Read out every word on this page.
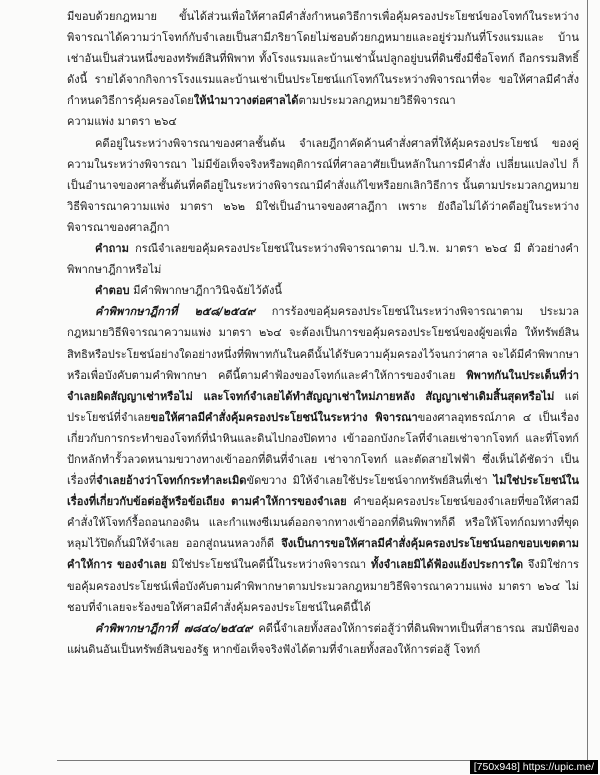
มีขอบด้วยกฎหมาย ขั้นได้ส่วนเพื่อให้ศาลมีคำสั่งกำหนดวิธีการเพื่อคุ้มครองประโยชน์ของโจทก์ในระหว่าง พิจารณาได้ความว่าโจทก์กับจำเลยเป็นสามีภริยาโดยไม่ชอบด้วยกฎหมายและอยู่ร่วมกันที่โรงแรมและ บ้านเช่าอันเป็นส่วนหนึ่งของทรัพย์สินที่พิพาท ทั้งโรงแรมและบ้านเช่านั้นปลูกอยู่บนที่ดินซึ่งมีชื่อโจทก์ ถือกรรมสิทธิ์ ดังนี้ รายได้จากกิจการโรงแรมและบ้านเช่าเป็นประโยชน์แก่โจทก์ในระหว่างพิจารณาที่จะ ขอให้ศาลมีคำสั่งกำหนดวิธีการคุ้มครองโดยให้นำมาวางต่อศาลได้ตามประมวลกฎหมายวิธีพิจารณา
ความแพ่ง มาตรา ๒๖๔

คดีอยู่ในระหว่างพิจารณาของศาลชั้นต้น จำเลยฎีกาคัดค้านคำสั่งศาลที่ให้คุ้มครองประโยชน์ ของคู่ความในระหว่างพิจารณา ไม่มีข้อเท็จจริงหรือพฤติการณ์ที่ศาลอาศัยเป็นหลักในการมีคำสั่ง เปลี่ยนแปลงไป ก็เป็นอำนาจของศาลชั้นต้นที่คดีอยู่ในระหว่างพิจารณามีคำสั่งแก้ไขหรือยกเลิกวิธีการ นั้นตามประมวลกฎหมายวิธีพิจารณาความแพ่ง มาตรา ๒๖๒ มิใช่เป็นอำนาจของศาลฎีกา เพราะ ยังถือไม่ได้ว่าคดีอยู่ในระหว่างพิจารณาของศาลฎีกา

คำถาม กรณีจำเลยขอคุ้มครองประโยชน์ในระหว่างพิจารณาตาม ป.วิ.พ. มาตรา ๒๖๔ มี ตัวอย่างคำพิพากษาฎีกาหรือไม่

คำตอบ มีคำพิพากษาฎีกาวินิจฉัยไว้ดังนี้

คำพิพากษาฎีกาที่ ๒๕๘/๒๕๔๙ การร้องขอคุ้มครองประโยชน์ในระหว่างพิจารณาตาม ประมวลกฎหมายวิธีพิจารณาความแพ่ง มาตรา ๒๖๔ จะต้องเป็นการขอคุ้มครองประโยชน์ของผู้ขอเพื่อ ให้ทรัพย์สิน สิทธิหรือประโยชน์อย่างใดอย่างหนึ่งที่พิพาทกันในคดีนั้นได้รับความคุ้มครองไว้จนกว่าศาล จะได้มีคำพิพากษาหรือเพื่อบังคับตามคำพิพากษา คดีนี้ตามคำฟ้องของโจทก์และคำให้การของจำเลย พิพาทกันในประเด็นที่ว่าจำเลยผิดสัญญาเช่าหรือไม่ และโจทก์จำเลยได้ทำสัญญาเช่าใหม่ภายหลัง สัญญาเช่าเดิมสิ้นสุดหรือไม่ แต่ประโยชน์ที่จำเลยขอให้ศาลมีคำสั่งคุ้มครองประโยชน์ในระหว่าง พิจารณาของศาลอุทธรณ์ภาค ๔ เป็นเรื่องเกี่ยวกับการกระทำของโจทก์ที่นำหินและดินไปกองปิดทาง เข้าออกบังกะโลที่จำเลยเช่าจากโจทก์ และที่โจทก์ปักหลักทำรั้วลวดหนามขวางทางเข้าออกที่ดินที่จำเลย เช่าจากโจทก์ และตัดสายไฟฟ้า ซึ่งเห็นได้ชัดว่า เป็นเรื่องที่จำเลยอ้างว่าโจทก์กระทำละเมิดขัดขวาง มิให้จำเลยใช้ประโยชน์จากทรัพย์สินที่เช่า ไม่ใช่ประโยชน์ในเรื่องที่เกี่ยวกับข้อต่อสู้หรือข้อเถียง ตามคำให้การของจำเลย คำขอคุ้มครองประโยชน์ของจำเลยที่ขอให้ศาลมีคำสั่งให้โจทก์รื้อถอนกองดิน และกำแพงซีเมนต์ออกจากทางเข้าออกที่ดินพิพาทก็ดี หรือให้โจทก์ถมทางที่ขุดหลุมไว้ปิดกั้นมิให้จำเลย ออกสู่ถนนหลวงก็ดี จึงเป็นการขอให้ศาลมีคำสั่งคุ้มครองประโยชน์นอกขอบเขตตามคำให้การ ของจำเลย มิใช่ประโยชน์ในคดีนี้ในระหว่างพิจารณา ทั้งจำเลยมิได้ฟ้องแย้งประการใด จึงมิใช่การขอคุ้มครองประโยชน์เพื่อบังคับตามคำพิพากษาตามประมวลกฎหมายวิธีพิจารณาความแพ่ง มาตรา ๒๖๔ ไม่ชอบที่จำเลยจะร้องขอให้ศาลมีคำสั่งคุ้มครองประโยชน์ในคดีนี้ได้

คำพิพากษาฎีกาที่ ๗๘๔๐/๒๕๔๙ คดีนี้จำเลยทั้งสองให้การต่อสู้ว่าที่ดินพิพาทเป็นที่สาธารณ สมบัติของแผ่นดินอันเป็นทรัพย์สินของรัฐ หากข้อเท็จจริงฟังได้ตามที่จำเลยทั้งสองให้การต่อสู้ โจทก์

[750x948] https://upic.me/
